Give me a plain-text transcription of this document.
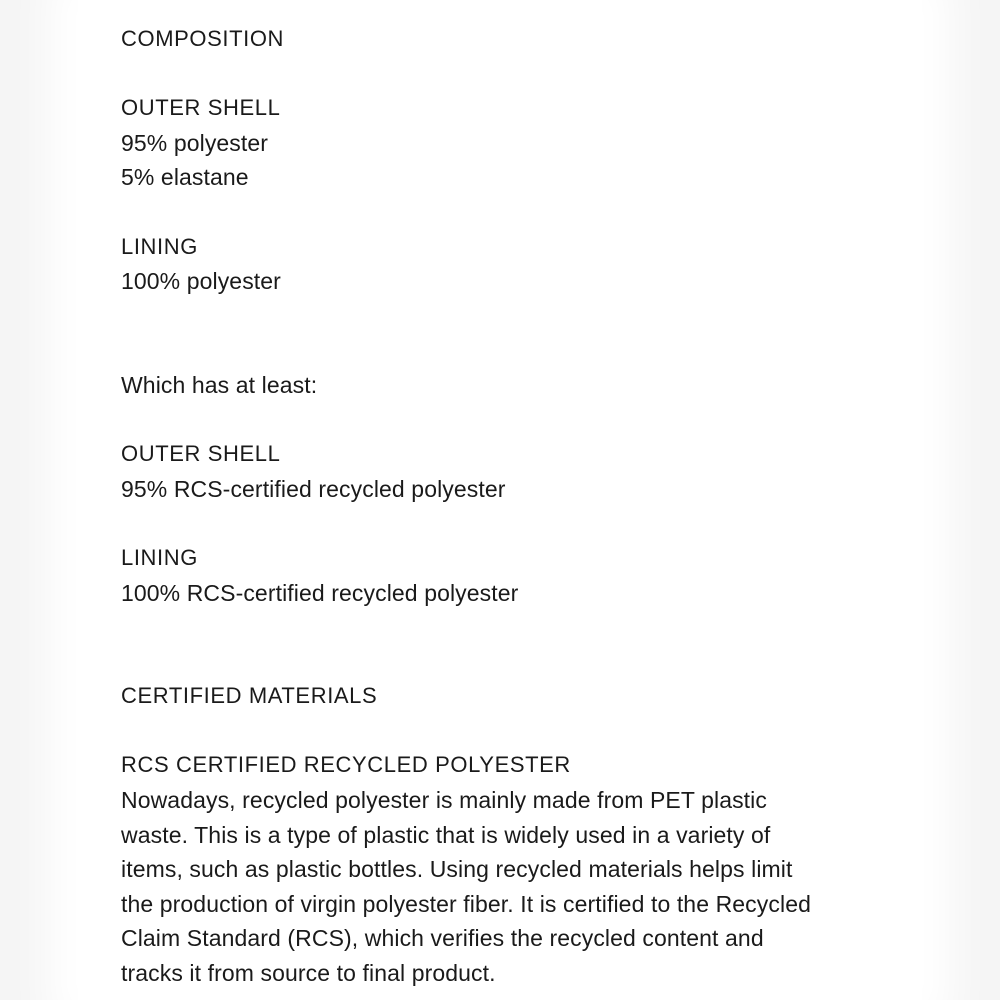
COMPOSITION
OUTER SHELL
95% polyester
5% elastane
LINING
100% polyester
Which has at least:
OUTER SHELL
95% RCS-certified recycled polyester
LINING
100% RCS-certified recycled polyester
CERTIFIED MATERIALS
RCS CERTIFIED RECYCLED POLYESTER
Nowadays, recycled polyester is mainly made from PET plastic
waste. This is a type of plastic that is widely used in a variety of
items, such as plastic bottles. Using recycled materials helps limit
the production of virgin polyester fiber. It is certified to the Recycled
Claim Standard (RCS), which verifies the recycled content and
tracks it from source to final product.
